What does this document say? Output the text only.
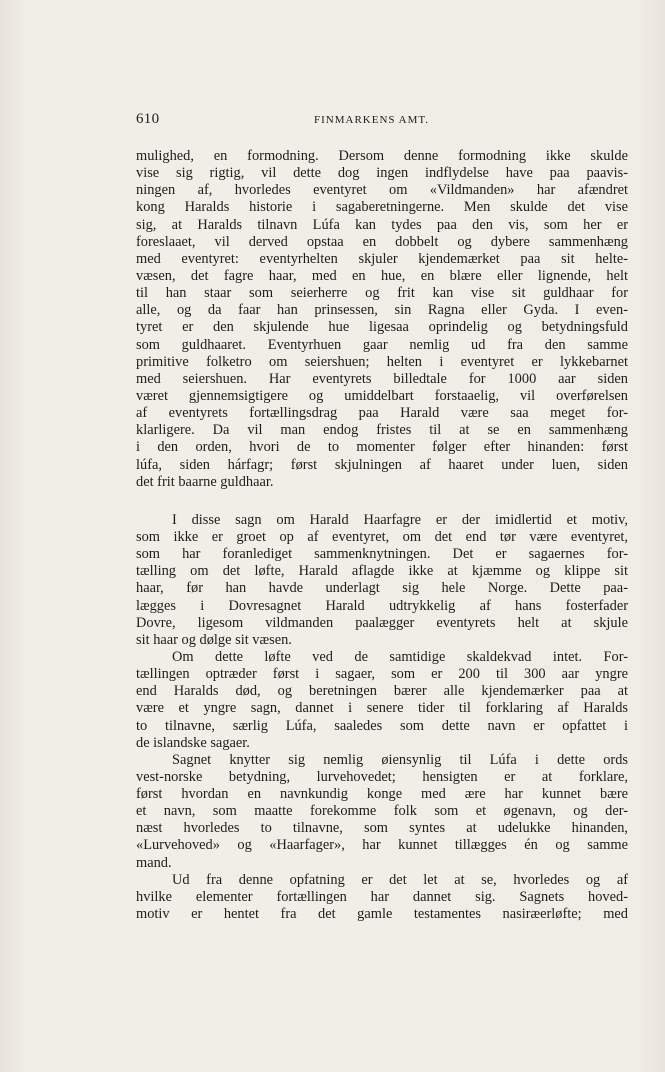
610	FINMARKENS AMT.
mulighed, en formodning. Dersom denne formodning ikke skulde
vise sig rigtig, vil dette dog ingen indflydelse have paa paavis-
ningen af, hvorledes eventyret om «Vildmanden» har afændret
kong Haralds historie i sagaberetningerne. Men skulde det vise
sig, at Haralds tilnavn Lúfa kan tydes paa den vis, som her er
foreslaaet, vil derved opstaa en dobbelt og dybere sammenhæng
med eventyret: eventyrhelten skjuler kjendemærket paa sit helte-
væsen, det fagre haar, med en hue, en blære eller lignende, helt
til han staar som seierherre og frit kan vise sit guldhaar for
alle, og da faar han prinsessen, sin Ragna eller Gyda. I even-
tyret er den skjulende hue ligesaa oprindelig og betydningsfuld
som guldhaaret. Eventyrhuen gaar nemlig ud fra den samme
primitive folketro om seiershuen; helten i eventyret er lykkebarnet
med seiershuen. Har eventyrets billedtale for 1000 aar siden
været gjennemsigtigere og umiddelbart forstaaelig, vil overførelsen
af eventyrets fortællingsdrag paa Harald være saa meget for-
klarligere. Da vil man endog fristes til at se en sammenhæng
i den orden, hvori de to momenter følger efter hinanden: først
lúfa, siden hárfagr; først skjulningen af haaret under luen, siden
det frit baarne guldhaar.
I disse sagn om Harald Haarfagre er der imidlertid et motiv,
som ikke er groet op af eventyret, om det end tør være eventyret,
som har foranlediget sammenknytningen. Det er sagaernes for-
tælling om det løfte, Harald aflagde ikke at kjæmme og klippe sit
haar, før han havde underlagt sig hele Norge. Dette paa-
lægges i Dovresagnet Harald udtrykkelig af hans fosterfader
Dovre, ligesom vildmanden paalægger eventyrets helt at skjule
sit haar og dølge sit væsen.
Om dette løfte ved de samtidige skaldekvad intet. For-
tællingen optræder først i sagaer, som er 200 til 300 aar yngre
end Haralds død, og beretningen bærer alle kjendemærker paa at
være et yngre sagn, dannet i senere tider til forklaring af Haralds
to tilnavne, særlig Lúfa, saaledes som dette navn er opfattet i
de islandske sagaer.
Sagnet knytter sig nemlig øiensynlig til Lúfa i dette ords
vest-norske betydning, lurvehovedet; hensigten er at forklare,
først hvordan en navnkundig konge med ære har kunnet bære
et navn, som maatte forekomme folk som et øgenavn, og der-
næst hvorledes to tilnavne, som syntes at udelukke hinanden,
«Lurvehoved» og «Haarfager», har kunnet tillægges én og samme
mand.
Ud fra denne opfatning er det let at se, hvorledes og af
hvilke elementer fortællingen har dannet sig. Sagnets hoved-
motiv er hentet fra det gamle testamentes nasiræerløfte; med
